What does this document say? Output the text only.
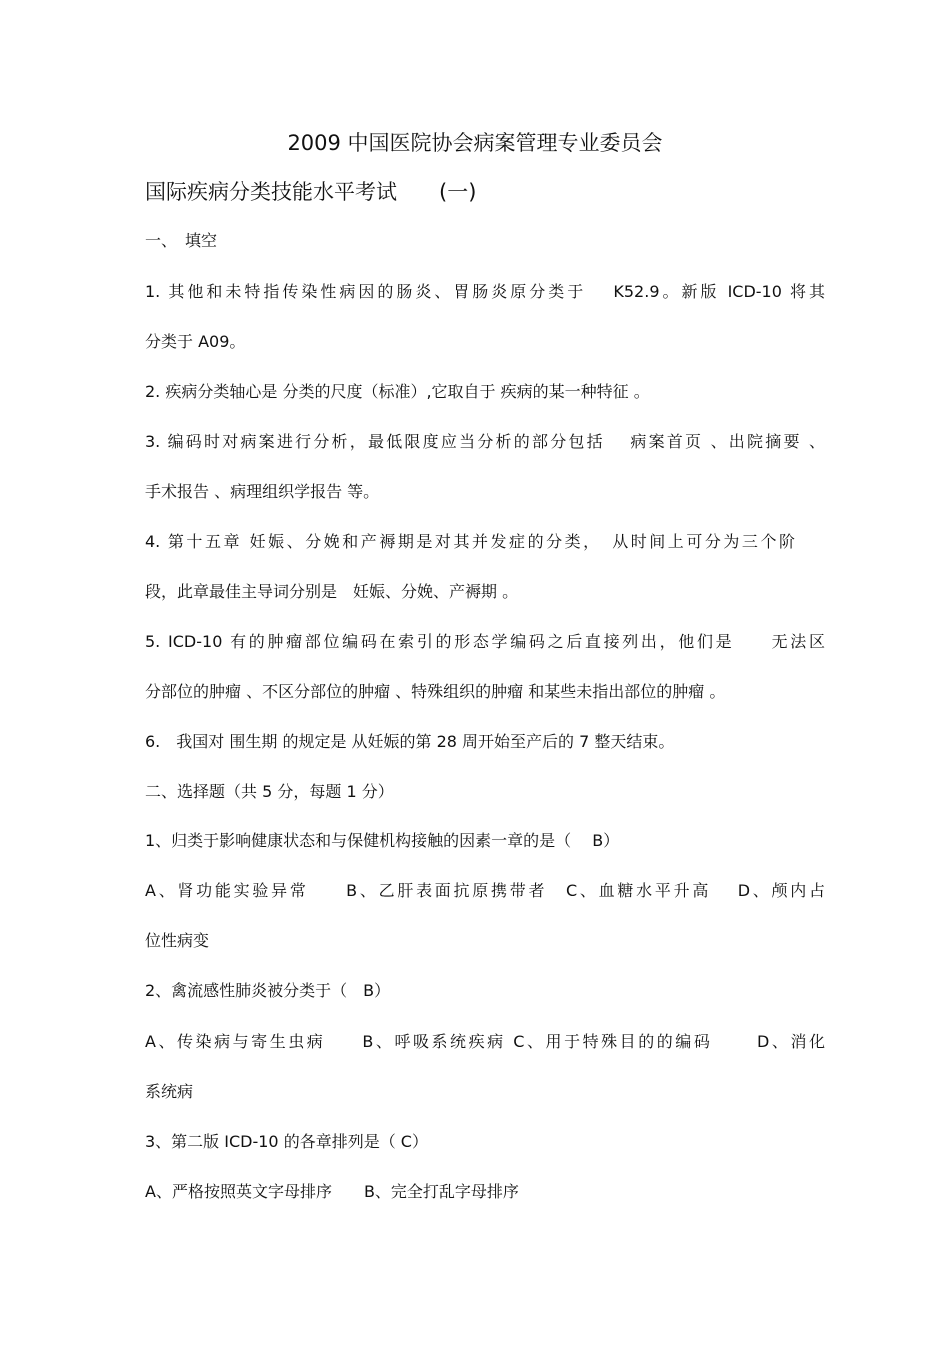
2009 中国医院协会病案管理专业委员会
国际疾病分类技能水平考试　　(一)
一、　填空
1. 其他和未特指传染性病因的肠炎、胃肠炎原分类于　 K52.9。新版 ICD-10 将其
分类于 A09。
2. 疾病分类轴心是 分类的尺度（标准）,它取自于 疾病的某一种特征 。
3. 编码时对病案进行分析，最低限度应当分析的部分包括　 病案首页 、出院摘要 、
手术报告 、病理组织学报告 等。
4. 第十五章 妊娠、分娩和产褥期是对其并发症的分类，　从时间上可分为三个阶
段，此章最佳主导词分别是　妊娠、分娩、产褥期 。
5. ICD-10 有的肿瘤部位编码在索引的形态学编码之后直接列出，他们是　　无法区
分部位的肿瘤 、不区分部位的肿瘤 、特殊组织的肿瘤 和某些未指出部位的肿瘤 。
6.　我国对 围生期 的规定是 从妊娠的第 28 周开始至产后的 7 整天结束。
二、选择题（共 5 分，每题 1 分）
1、归类于影响健康状态和与保健机构接触的因素一章的是（　 B）
A、肾功能实验异常　　B、乙肝表面抗原携带者　C、血糖水平升高　 D、颅内占
位性病变
2、禽流感性肺炎被分类于（　B）
A、传染病与寄生虫病　　B、呼吸系统疾病 C、用于特殊目的的编码　　 D、消化
系统病
3、第二版 ICD-10 的各章排列是（ C）
A、严格按照英文字母排序　　B、完全打乱字母排序
